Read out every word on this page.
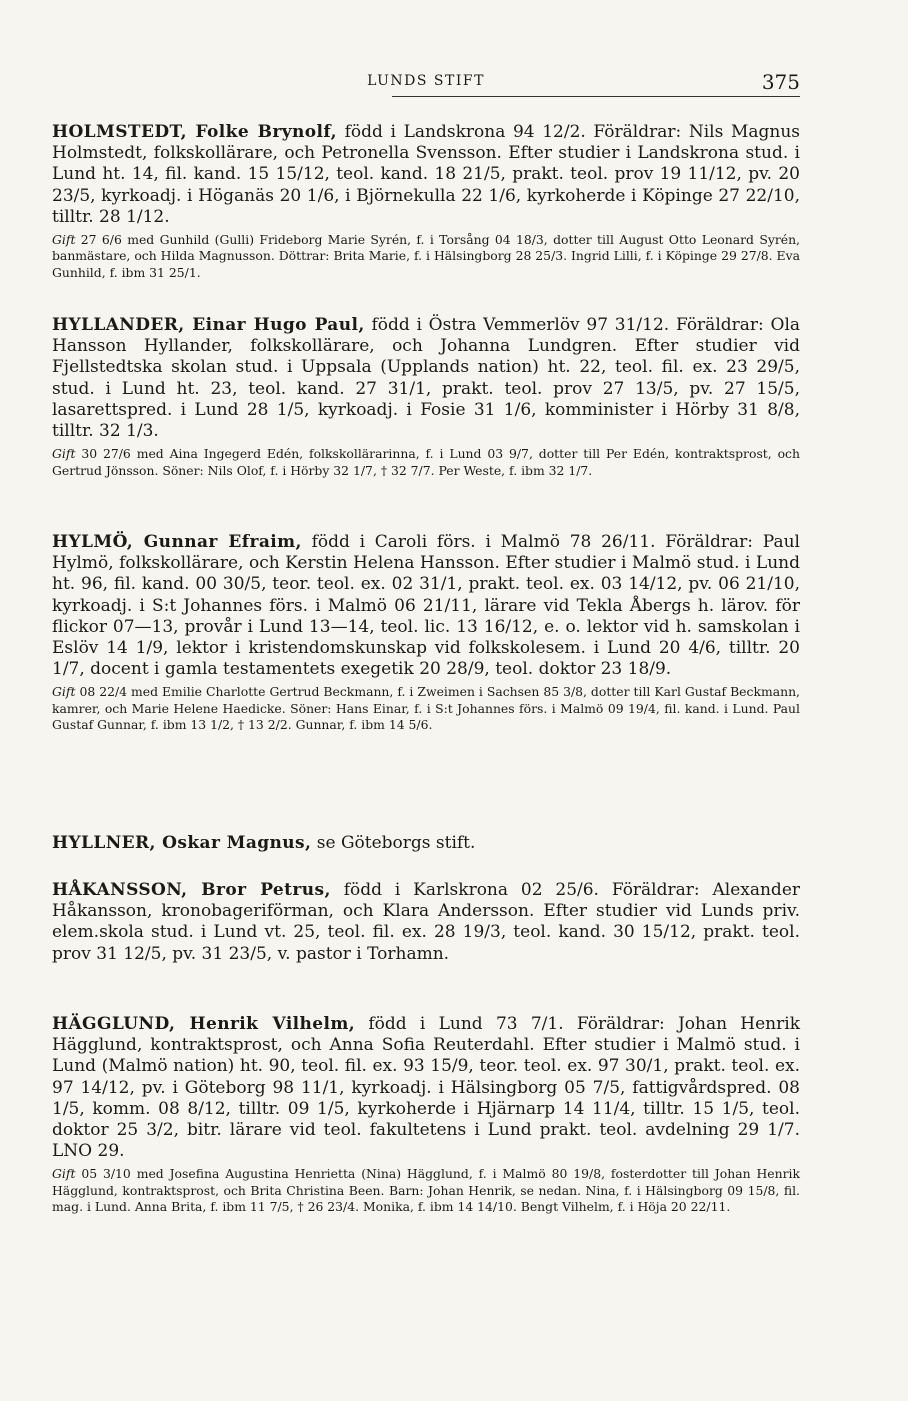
LUNDS STIFT	375

HOLMSTEDT, Folke Brynolf, född i Landskrona 94 12/2. Föräldrar: Nils Magnus Holmstedt, folkskollärare, och Petronella Svensson. Efter studier i Landskrona stud. i Lund ht. 14, fil. kand. 15 15/12, teol. kand. 18 21/5, prakt. teol. prov 19 11/12, pv. 20 23/5, kyrkoadj. i Höganäs 20 1/6, i Björnekulla 22 1/6, kyrkoherde i Köpinge 27 22/10, tilltr. 28 1/12.

Gift 27 6/6 med Gunhild (Gulli) Frideborg Marie Syrén, f. i Torsång 04 18/3, dotter till August Otto Leonard Syrén, banmästare, och Hilda Magnusson. Döttrar: Brita Marie, f. i Hälsingborg 28 25/3. Ingrid Lilli, f. i Köpinge 29 27/8. Eva Gunhild, f. ibm 31 25/1.

HYLLANDER, Einar Hugo Paul, född i Östra Vemmerlöv 97 31/12. Föräldrar: Ola Hansson Hyllander, folkskollärare, och Johanna Lundgren. Efter studier vid Fjellstedtska skolan stud. i Uppsala (Upplands nation) ht. 22, teol. fil. ex. 23 29/5, stud. i Lund ht. 23, teol. kand. 27 31/1, prakt. teol. prov 27 13/5, pv. 27 15/5, lasarettspred. i Lund 28 1/5, kyrkoadj. i Fosie 31 1/6, komminister i Hörby 31 8/8, tilltr. 32 1/3.

Gift 30 27/6 med Aina Ingegerd Edén, folkskollärarinna, f. i Lund 03 9/7, dotter till Per Edén, kontraktsprost, och Gertrud Jönsson. Söner: Nils Olof, f. i Hörby 32 1/7, † 32 7/7. Per Weste, f. ibm 32 1/7.

HYLMÖ, Gunnar Efraim, född i Caroli förs. i Malmö 78 26/11. Föräldrar: Paul Hylmö, folkskollärare, och Kerstin Helena Hansson. Efter studier i Malmö stud. i Lund ht. 96, fil. kand. 00 30/5, teor. teol. ex. 02 31/1, prakt. teol. ex. 03 14/12, pv. 06 21/10, kyrkoadj. i S:t Johannes förs. i Malmö 06 21/11, lärare vid Tekla Åbergs h. lärov. för flickor 07—13, provår i Lund 13—14, teol. lic. 13 16/12, e. o. lektor vid h. samskolan i Eslöv 14 1/9, lektor i kristendomskunskap vid folkskolesem. i Lund 20 4/6, tilltr. 20 1/7, docent i gamla testamentets exegetik 20 28/9, teol. doktor 23 18/9.

Gift 08 22/4 med Emilie Charlotte Gertrud Beckmann, f. i Zweimen i Sachsen 85 3/8, dotter till Karl Gustaf Beckmann, kamrer, och Marie Helene Haedicke. Söner: Hans Einar, f. i S:t Johannes förs. i Malmö 09 19/4, fil. kand. i Lund. Paul Gustaf Gunnar, f. ibm 13 1/2, † 13 2/2. Gunnar, f. ibm 14 5/6.

HYLLNER, Oskar Magnus, se Göteborgs stift.

HÅKANSSON, Bror Petrus, född i Karlskrona 02 25/6. Föräldrar: Alexander Håkansson, kronobageriförman, och Klara Andersson. Efter studier vid Lunds priv. elem.skola stud. i Lund vt. 25, teol. fil. ex. 28 19/3, teol. kand. 30 15/12, prakt. teol. prov 31 12/5, pv. 31 23/5, v. pastor i Torhamn.

HÄGGLUND, Henrik Vilhelm, född i Lund 73 7/1. Föräldrar: Johan Henrik Hägglund, kontraktsprost, och Anna Sofia Reuterdahl. Efter studier i Malmö stud. i Lund (Malmö nation) ht. 90, teol. fil. ex. 93 15/9, teor. teol. ex. 97 30/1, prakt. teol. ex. 97 14/12, pv. i Göteborg 98 11/1, kyrkoadj. i Hälsingborg 05 7/5, fattigvårdspred. 08 1/5, komm. 08 8/12, tilltr. 09 1/5, kyrkoherde i Hjärnarp 14 11/4, tilltr. 15 1/5, teol. doktor 25 3/2, bitr. lärare vid teol. fakultetens i Lund prakt. teol. avdelning 29 1/7. LNO 29.

Gift 05 3/10 med Josefina Augustina Henrietta (Nina) Hägglund, f. i Malmö 80 19/8, fosterdotter till Johan Henrik Hägglund, kontraktsprost, och Brita Christina Been. Barn: Johan Henrik, se nedan. Nina, f. i Hälsingborg 09 15/8, fil. mag. i Lund. Anna Brita, f. ibm 11 7/5, † 26 23/4. Monika, f. ibm 14 14/10. Bengt Vilhelm, f. i Höja 20 22/11.
